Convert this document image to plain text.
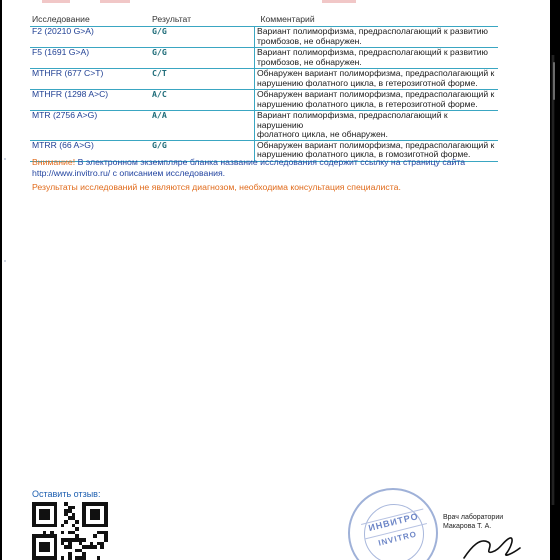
Исследование	Результат	Комментарий
F2 (20210 G>A)	G/G	Вариант полиморфизма, предрасполагающий к развитию
тромбозов, не обнаружен.

F5 (1691 G>A)	G/G	Вариант полиморфизма, предрасполагающий к развитию
тромбозов, не обнаружен.

MTHFR (677 C>T)	C/T	Обнаружен вариант полиморфизма, предрасполагающий к
нарушению фолатного цикла, в гетерозиготной форме.

MTHFR (1298 A>C)	A/C	Обнаружен вариант полиморфизма, предрасполагающий к
нарушению фолатного цикла, в гетерозиготной форме.

MTR (2756 A>G)	A/A	Вариант полиморфизма, предрасполагающий к нарушению
фолатного цикла, не обнаружен.

MTRR (66 A>G)	G/G	Обнаружен вариант полиморфизма, предрасполагающий к
нарушению фолатного цикла, в гомозиготной форме.
Внимание! В электронном экземпляре бланка название исследования содержит ссылку на страницу сайта
http://www.invitro.ru/ с описанием исследования.
Результаты исследований не являются диагнозом, необходима консультация специалиста.
Оставить отзыв:
ИНВИТРО
INVITRO
Врач лаборатории
Макарова Т. А.
